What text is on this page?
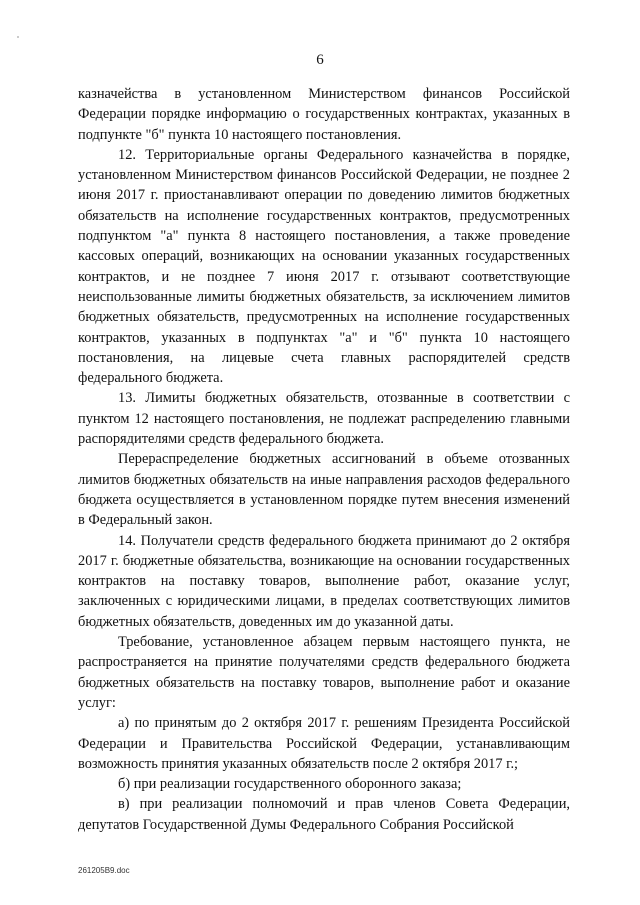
6

казначейства в установленном Министерством финансов Российской Федерации порядке информацию о государственных контрактах, указанных в подпункте "б" пункта 10 настоящего постановления.

12. Территориальные органы Федерального казначейства в порядке, установленном Министерством финансов Российской Федерации, не позднее 2 июня 2017 г. приостанавливают операции по доведению лимитов бюджетных обязательств на исполнение государственных контрактов, предусмотренных подпунктом "а" пункта 8 настоящего постановления, а также проведение кассовых операций, возникающих на основании указанных государственных контрактов, и не позднее 7 июня 2017 г. отзывают соответствующие неиспользованные лимиты бюджетных обязательств, за исключением лимитов бюджетных обязательств, предусмотренных на исполнение государственных контрактов, указанных в подпунктах "а" и "б" пункта 10 настоящего постановления, на лицевые счета главных распорядителей средств федерального бюджета.

13. Лимиты бюджетных обязательств, отозванные в соответствии с пунктом 12 настоящего постановления, не подлежат распределению главными распорядителями средств федерального бюджета.

Перераспределение бюджетных ассигнований в объеме отозванных лимитов бюджетных обязательств на иные направления расходов федерального бюджета осуществляется в установленном порядке путем внесения изменений в Федеральный закон.

14. Получатели средств федерального бюджета принимают до 2 октября 2017 г. бюджетные обязательства, возникающие на основании государственных контрактов на поставку товаров, выполнение работ, оказание услуг, заключенных с юридическими лицами, в пределах соответствующих лимитов бюджетных обязательств, доведенных им до указанной даты.

Требование, установленное абзацем первым настоящего пункта, не распространяется на принятие получателями средств федерального бюджета бюджетных обязательств на поставку товаров, выполнение работ и оказание услуг:

а) по принятым до 2 октября 2017 г. решениям Президента Российской Федерации и Правительства Российской Федерации, устанавливающим возможность принятия указанных обязательств после 2 октября 2017 г.;

б) при реализации государственного оборонного заказа;

в) при реализации полномочий и прав членов Совета Федерации, депутатов Государственной Думы Федерального Собрания Российской

261205В9.doc
